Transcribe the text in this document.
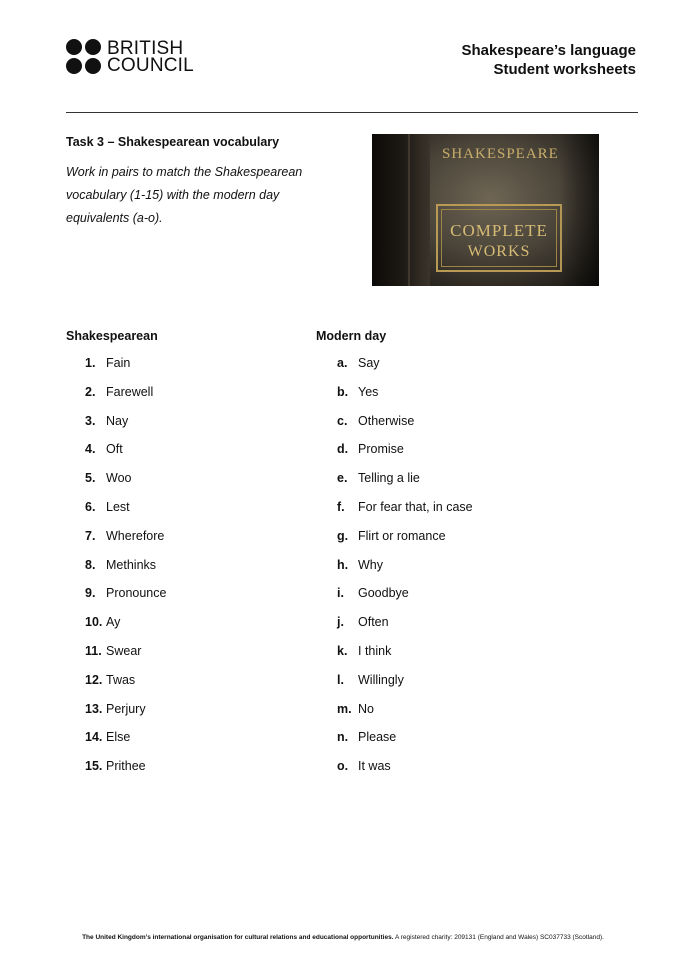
BRITISH
COUNCIL
Shakespeare’s language
Student worksheets
Task 3 – Shakespearean vocabulary
Work in pairs to match the Shakespearean vocabulary (1-15) with the modern day equivalents (a-o).
SHAKESPEARE
COMPLETE
WORKS
Shakespearean	Modern day
1. Fain
2. Farewell
3. Nay
4. Oft
5. Woo
6. Lest
7. Wherefore
8. Methinks
9. Pronounce
10. Ay
11. Swear
12. Twas
13. Perjury
14. Else
15. Prithee
a. Say
b. Yes
c. Otherwise
d. Promise
e. Telling a lie
f. For fear that, in case
g. Flirt or romance
h. Why
i. Goodbye
j. Often
k. I think
l. Willingly
m. No
n. Please
o. It was
The United Kingdom’s international organisation for cultural relations and educational opportunities. A registered charity: 209131 (England and Wales) SC037733 (Scotland).
